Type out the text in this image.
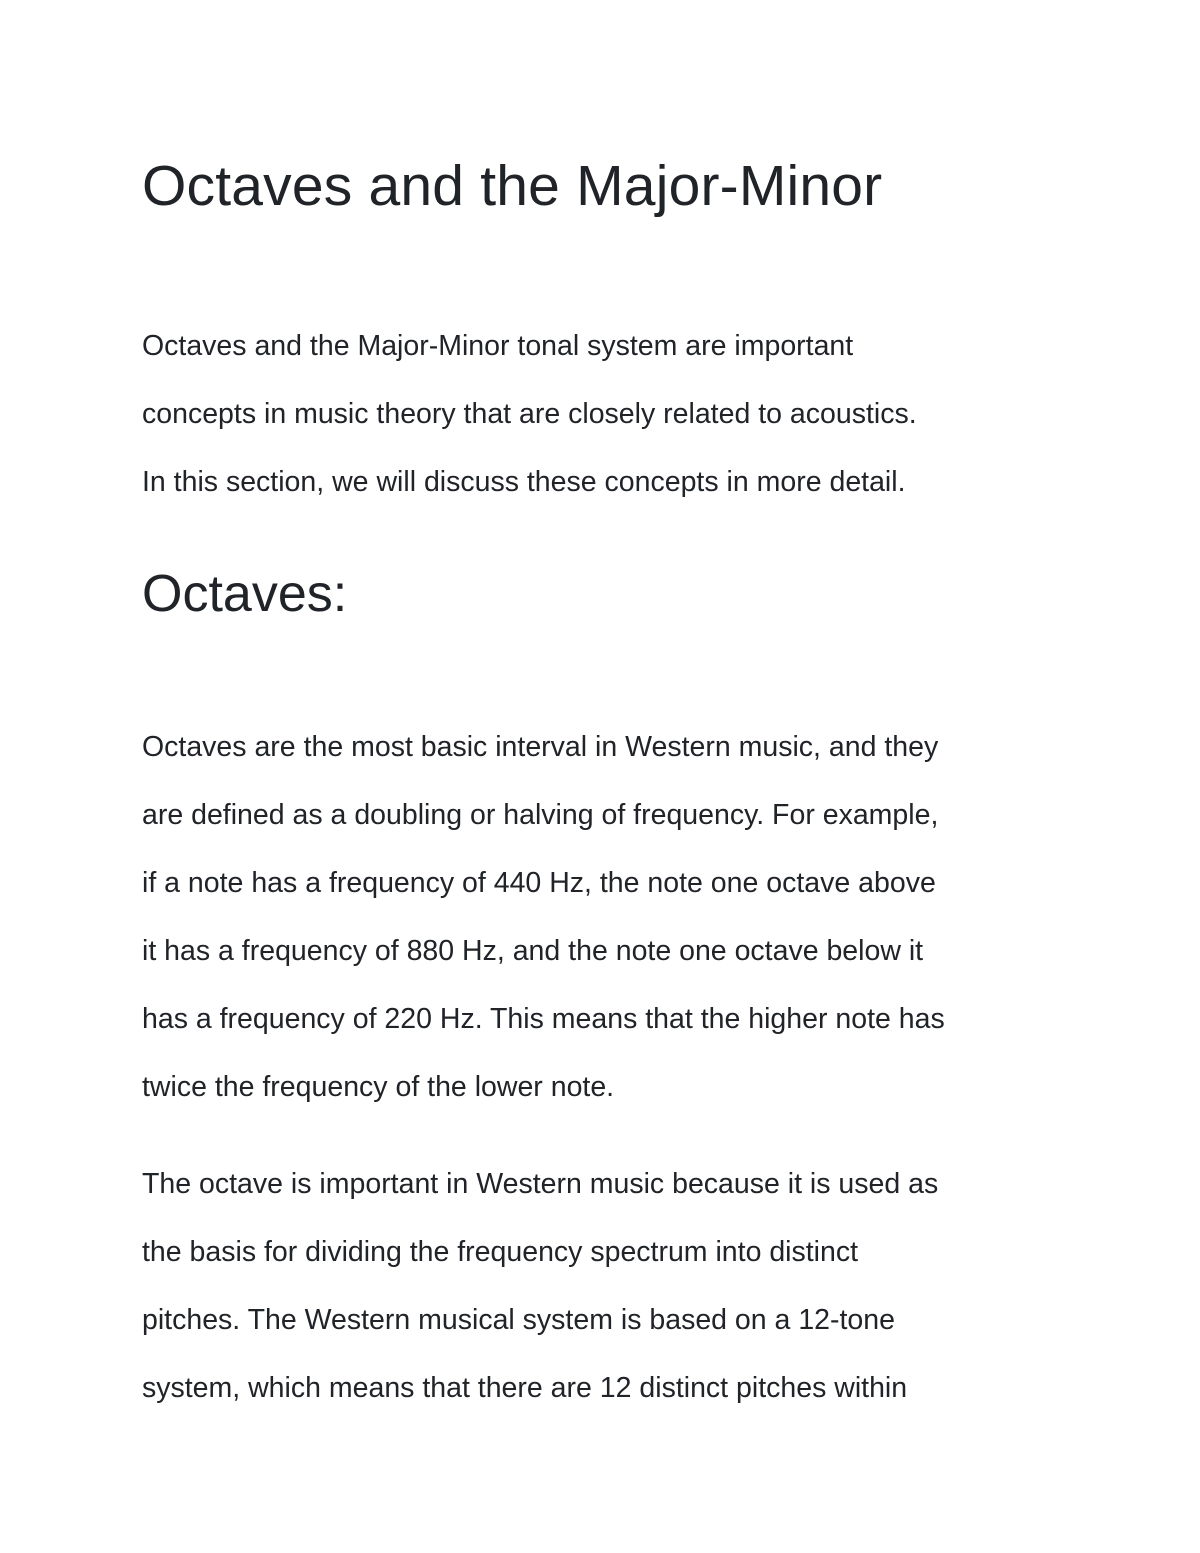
Octaves and the Major-Minor

Octaves and the Major-Minor tonal system are important
concepts in music theory that are closely related to acoustics.
In this section, we will discuss these concepts in more detail.

Octaves:

Octaves are the most basic interval in Western music, and they
are defined as a doubling or halving of frequency. For example,
if a note has a frequency of 440 Hz, the note one octave above
it has a frequency of 880 Hz, and the note one octave below it
has a frequency of 220 Hz. This means that the higher note has
twice the frequency of the lower note.

The octave is important in Western music because it is used as
the basis for dividing the frequency spectrum into distinct
pitches. The Western musical system is based on a 12-tone
system, which means that there are 12 distinct pitches within
